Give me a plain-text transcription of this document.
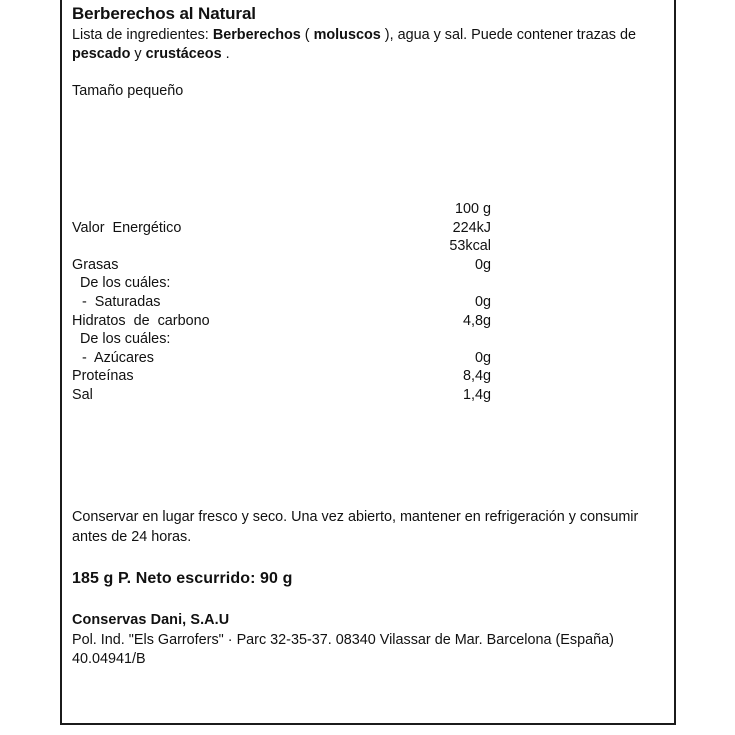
Berberechos al Natural

Lista de ingredientes: Berberechos ( moluscos ), agua y sal. Puede contener trazas de pescado y crustáceos .

Tamaño pequeño

	100 g
Valor  Energético	224kJ
	53kcal
Grasas	0g
De los cuáles:	
-  Saturadas	0g
Hidratos  de  carbono	4,8g
De los cuáles:	
-  Azúcares	0g
Proteínas	8,4g
Sal	1,4g
Conservar en lugar fresco y seco. Una vez abierto, mantener en refrigeración y consumir antes de 24 horas.
185 g P. Neto escurrido: 90 g
Conservas Dani, S.A.U
Pol. Ind. "Els Garrofers" · Parc 32-35-37. 08340 Vilassar de Mar. Barcelona (España)
40.04941/B
